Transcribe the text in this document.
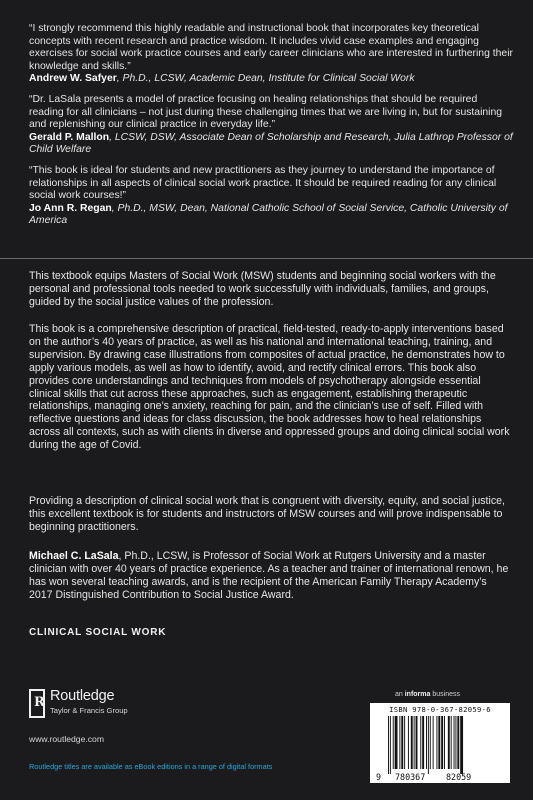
“I strongly recommend this highly readable and instructional book that incorporates key theoretical concepts with recent research and practice wisdom. It includes vivid case examples and engaging exercises for social work practice courses and early career clinicians who are interested in furthering their knowledge and skills.”

Andrew W. Safyer, Ph.D., LCSW, Academic Dean, Institute for Clinical Social Work

“Dr. LaSala presents a model of practice focusing on healing relationships that should be required reading for all clinicians – not just during these challenging times that we are living in, but for sustaining and replenishing our clinical practice in everyday life.”

Gerald P. Mallon, LCSW, DSW, Associate Dean of Scholarship and Research, Julia Lathrop Professor of Child Welfare

“This book is ideal for students and new practitioners as they journey to understand the importance of relationships in all aspects of clinical social work practice. It should be required reading for any clinical social work courses!”

Jo Ann R. Regan, Ph.D., MSW, Dean, National Catholic School of Social Service, Catholic University of America

This textbook equips Masters of Social Work (MSW) students and beginning social workers with the personal and professional tools needed to work successfully with individuals, families, and groups, guided by the social justice values of the profession.

This book is a comprehensive description of practical, field-tested, ready-to-apply interventions based on the author’s 40 years of practice, as well as his national and international teaching, training, and supervision. By drawing case illustrations from composites of actual practice, he demonstrates how to apply various models, as well as how to identify, avoid, and rectify clinical errors. This book also provides core understandings and techniques from models of psychotherapy alongside essential clinical skills that cut across these approaches, such as engagement, establishing therapeutic relationships, managing one’s anxiety, reaching for pain, and the clinician’s use of self. Filled with reflective questions and ideas for class discussion, the book addresses how to heal relationships across all contexts, such as with clients in diverse and oppressed groups and doing clinical social work during the age of Covid.

Providing a description of clinical social work that is congruent with diversity, equity, and social justice, this excellent textbook is for students and instructors of MSW courses and will prove indispensable to beginning practitioners.

Michael C. LaSala, Ph.D., LCSW, is Professor of Social Work at Rutgers University and a master clinician with over 40 years of practice experience. As a teacher and trainer of international renown, he has won several teaching awards, and is the recipient of the American Family Therapy Academy’s 2017 Distinguished Contribution to Social Justice Award.

CLINICAL SOCIAL WORK
R Routledge
Taylor & Francis Group
www.routledge.com
Routledge titles are available as eBook editions in a range of digital formats
an informa business
ISBN 978-0-367-82059-6
9 780367 82059
